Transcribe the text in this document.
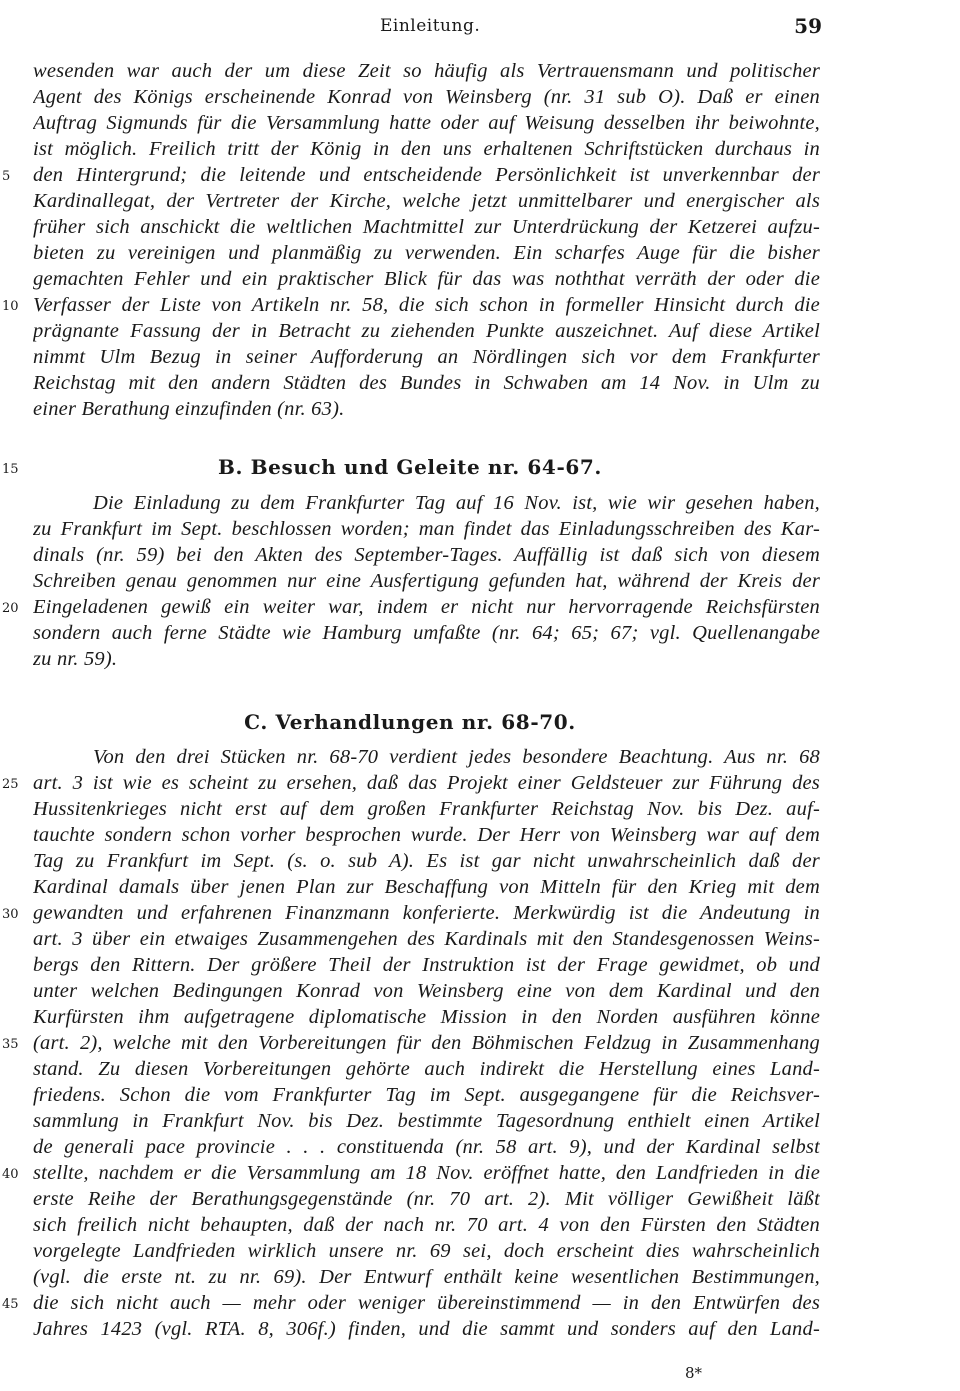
Einleitung.	59
wesenden war auch der um diese Zeit so häufig als Vertrauensmann und politischer
Agent des Königs erscheinende Konrad von Weinsberg (nr. 31 sub O). Daß er einen
Auftrag Sigmunds für die Versammlung hatte oder auf Weisung desselben ihr beiwohnte,
ist möglich. Freilich tritt der König in den uns erhaltenen Schriftstücken durchaus in
den Hintergrund; die leitende und entscheidende Persönlichkeit ist unverkennbar der
Kardinallegat, der Vertreter der Kirche, welche jetzt unmittelbarer und energischer als
früher sich anschickt die weltlichen Machtmittel zur Unterdrückung der Ketzerei aufzu-
bieten zu vereinigen und planmäßig zu verwenden. Ein scharfes Auge für die bisher
gemachten Fehler und ein praktischer Blick für das was noththat verräth der oder die
Verfasser der Liste von Artikeln nr. 58, die sich schon in formeller Hinsicht durch die
prägnante Fassung der in Betracht zu ziehenden Punkte auszeichnet. Auf diese Artikel
nimmt Ulm Bezug in seiner Aufforderung an Nördlingen sich vor dem Frankfurter
Reichstag mit den andern Städten des Bundes in Schwaben am 14 Nov. in Ulm zu
einer Berathung einzufinden (nr. 63).
B. Besuch und Geleite nr. 64-67.
Die Einladung zu dem Frankfurter Tag auf 16 Nov. ist, wie wir gesehen haben,
zu Frankfurt im Sept. beschlossen worden; man findet das Einladungsschreiben des Kar-
dinals (nr. 59) bei den Akten des September-Tages. Auffällig ist daß sich von diesem
Schreiben genau genommen nur eine Ausfertigung gefunden hat, während der Kreis der
Eingeladenen gewiß ein weiter war, indem er nicht nur hervorragende Reichsfürsten
sondern auch ferne Städte wie Hamburg umfaßte (nr. 64; 65; 67; vgl. Quellenangabe
zu nr. 59).
C. Verhandlungen nr. 68-70.
Von den drei Stücken nr. 68-70 verdient jedes besondere Beachtung. Aus nr. 68
art. 3 ist wie es scheint zu ersehen, daß das Projekt einer Geldsteuer zur Führung des
Hussitenkrieges nicht erst auf dem großen Frankfurter Reichstag Nov. bis Dez. auf-
tauchte sondern schon vorher besprochen wurde. Der Herr von Weinsberg war auf dem
Tag zu Frankfurt im Sept. (s. o. sub A). Es ist gar nicht unwahrscheinlich daß der
Kardinal damals über jenen Plan zur Beschaffung von Mitteln für den Krieg mit dem
gewandten und erfahrenen Finanzmann konferierte. Merkwürdig ist die Andeutung in
art. 3 über ein etwaiges Zusammengehen des Kardinals mit den Standesgenossen Weins-
bergs den Rittern. Der größere Theil der Instruktion ist der Frage gewidmet, ob und
unter welchen Bedingungen Konrad von Weinsberg eine von dem Kardinal und den
Kurfürsten ihm aufgetragene diplomatische Mission in den Norden ausführen könne
(art. 2), welche mit den Vorbereitungen für den Böhmischen Feldzug in Zusammenhang
stand. Zu diesen Vorbereitungen gehörte auch indirekt die Herstellung eines Land-
friedens. Schon die vom Frankfurter Tag im Sept. ausgegangene für die Reichsver-
sammlung in Frankfurt Nov. bis Dez. bestimmte Tagesordnung enthielt einen Artikel
de generali pace provincie . . . constituenda (nr. 58 art. 9), und der Kardinal selbst
stellte, nachdem er die Versammlung am 18 Nov. eröffnet hatte, den Landfrieden in die
erste Reihe der Berathungsgegenstände (nr. 70 art. 2). Mit völliger Gewißheit läßt
sich freilich nicht behaupten, daß der nach nr. 70 art. 4 von den Fürsten den Städten
vorgelegte Landfrieden wirklich unsere nr. 69 sei, doch erscheint dies wahrscheinlich
(vgl. die erste nt. zu nr. 69). Der Entwurf enthält keine wesentlichen Bestimmungen,
die sich nicht auch — mehr oder weniger übereinstimmend — in den Entwürfen des
Jahres 1423 (vgl. RTA. 8, 306f.) finden, und die sammt und sonders auf den Land-
5
10
15
20
25
30
35
40
45
8*
